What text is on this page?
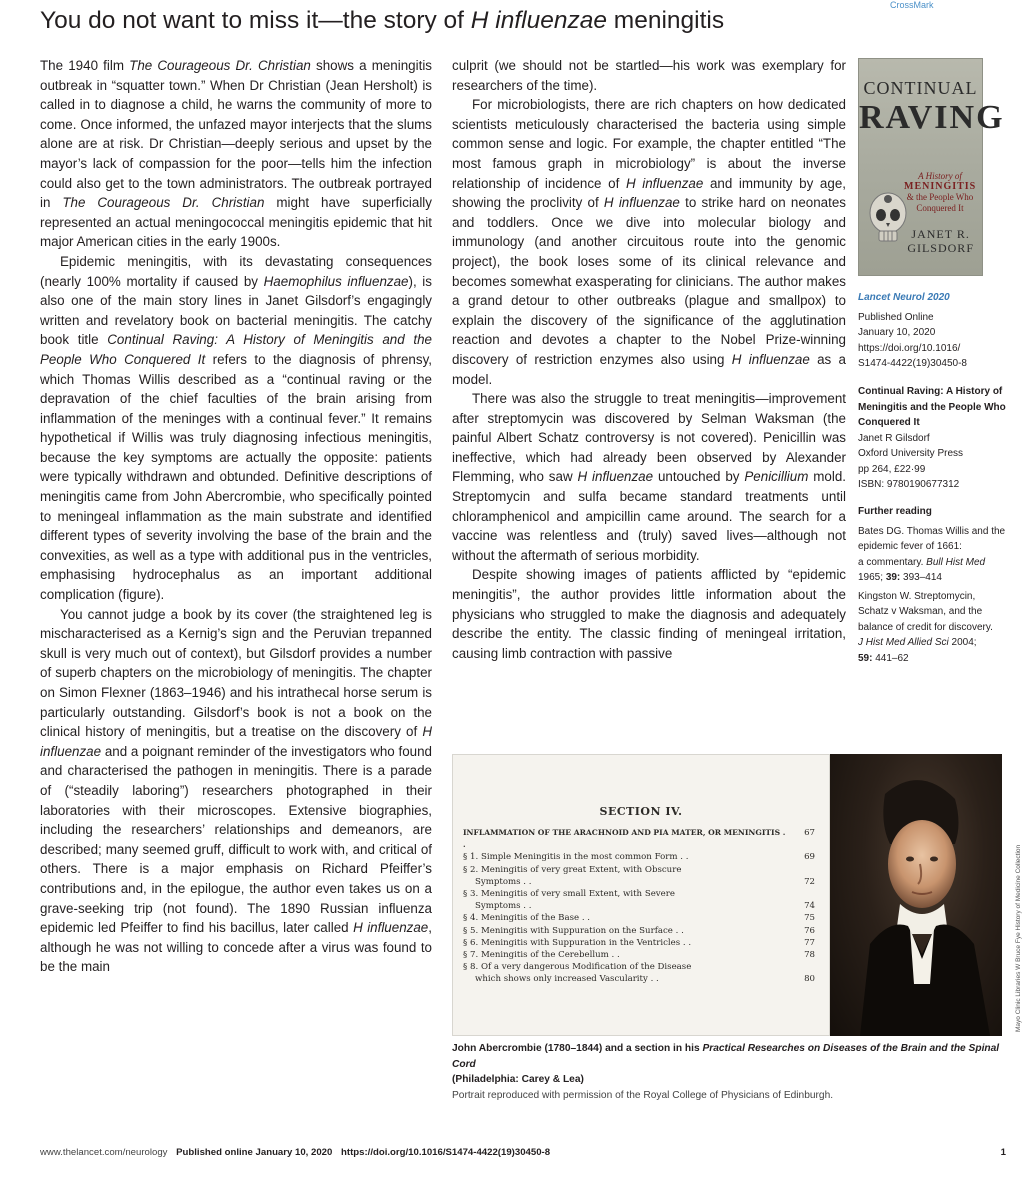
CrossMark
You do not want to miss it—the story of H influenzae meningitis

The 1940 film The Courageous Dr. Christian shows a meningitis outbreak in “squatter town.” When Dr Christian (Jean Hersholt) is called in to diagnose a child, he warns the community of more to come. Once informed, the unfazed mayor interjects that the slums alone are at risk. Dr Christian—deeply serious and upset by the mayor’s lack of compassion for the poor—tells him the infection could also get to the town administrators. The outbreak portrayed in The Courageous Dr. Christian might have superficially represented an actual meningococcal meningitis epidemic that hit major American cities in the early 1900s.

Epidemic meningitis, with its devastating consequences (nearly 100% mortality if caused by Haemophilus influenzae), is also one of the main story lines in Janet Gilsdorf’s engagingly written and revelatory book on bacterial meningitis. The catchy book title Continual Raving: A History of Meningitis and the People Who Conquered It refers to the diagnosis of phrensy, which Thomas Willis described as a “continual raving or the depravation of the chief faculties of the brain arising from inflammation of the meninges with a continual fever.” It remains hypothetical if Willis was truly diagnosing infectious meningitis, because the key symptoms are actually the opposite: patients were typically withdrawn and obtunded. Definitive descriptions of meningitis came from John Abercrombie, who specifically pointed to meningeal inflammation as the main substrate and identified different types of severity involving the base of the brain and the convexities, as well as a type with additional pus in the ventricles, emphasising hydrocephalus as an important additional complication (figure).

You cannot judge a book by its cover (the straightened leg is mischaracterised as a Kernig’s sign and the Peruvian trepanned skull is very much out of context), but Gilsdorf provides a number of superb chapters on the microbiology of meningitis. The chapter on Simon Flexner (1863–1946) and his intrathecal horse serum is particularly outstanding. Gilsdorf’s book is not a book on the clinical history of meningitis, but a treatise on the discovery of H influenzae and a poignant reminder of the investigators who found and characterised the pathogen in meningitis. There is a parade of (“steadily laboring”) researchers photographed in their laboratories with their microscopes. Extensive biographies, including the researchers’ relationships and demeanors, are described; many seemed gruff, difficult to work with, and critical of others. There is a major emphasis on Richard Pfeiffer’s contributions and, in the epilogue, the author even takes us on a grave-seeking trip (not found). The 1890 Russian influenza epidemic led Pfeiffer to find his bacillus, later called H influenzae, although he was not willing to concede after a virus was found to be the main

culprit (we should not be startled—his work was exemplary for researchers of the time).

For microbiologists, there are rich chapters on how dedicated scientists meticulously characterised the bacteria using simple common sense and logic. For example, the chapter entitled “The most famous graph in microbiology” is about the inverse relationship of incidence of H influenzae and immunity by age, showing the proclivity of H influenzae to strike hard on neonates and toddlers. Once we dive into molecular biology and immunology (and another circuitous route into the genomic project), the book loses some of its clinical relevance and becomes somewhat exasperating for clinicians. The author makes a grand detour to other outbreaks (plague and smallpox) to explain the discovery of the significance of the agglutination reaction and devotes a chapter to the Nobel Prize-winning discovery of restriction enzymes also using H influenzae as a model.

There was also the struggle to treat meningitis—improvement after streptomycin was discovered by Selman Waksman (the painful Albert Schatz controversy is not covered). Penicillin was ineffective, which had already been observed by Alexander Flemming, who saw H influenzae untouched by Penicillium mold. Streptomycin and sulfa became standard treatments until chloramphenicol and ampicillin came around. The search for a vaccine was relentless and (truly) saved lives—although not without the aftermath of serious morbidity.

Despite showing images of patients afflicted by “epidemic meningitis”, the author provides little information about the physicians who struggled to make the diagnosis and adequately describe the entity. The classic finding of meningeal irritation, causing limb contraction with passive

CONTINUAL
RAVING
A History of
MENINGITIS
& the People Who
Conquered It
JANET R.
GILSDORF
Lancet Neurol 2020
Published Online
January 10, 2020
https://doi.org/10.1016/
S1474-4422(19)30450-8
Continual Raving: A History of
Meningitis and the People Who
Conquered It
Janet R Gilsdorf
Oxford University Press
pp 264, £22·99
ISBN: 9780190677312
Further reading
Bates DG. Thomas Willis and the
epidemic fever of 1661:
a commentary. Bull Hist Med
1965; 39: 393–414
Kingston W. Streptomycin,
Schatz v Waksman, and the
balance of credit for discovery.
J Hist Med Allied Sci 2004;
59: 441–62
SECTION IV.
INFLAMMATION OF THE ARACHNOID AND PIA MATER, OR MENINGITIS . .
67
§ 1. Simple Meningitis in the most common Form . .	69
§ 2. Meningitis of very great Extent, with Obscure
Symptoms . .	72
§ 3. Meningitis of very small Extent, with Severe
Symptoms . .	74
§ 4. Meningitis of the Base . .	75
§ 5. Meningitis with Suppuration on the Surface . .	76
§ 6. Meningitis with Suppuration in the Ventricles . .	77
§ 7. Meningitis of the Cerebellum . .	78
§ 8. Of a very dangerous Modification of the Disease
which shows only increased Vascularity . .	80	Mayo Clinic Libraries W Bruce Fye History of Medicine Collection
John Abercrombie (1780–1844) and a section in his Practical Researches on Diseases of the Brain and the Spinal Cord
(Philadelphia: Carey & Lea)
Portrait reproduced with permission of the Royal College of Physicians of Edinburgh.
www.thelancet.com/neurology Published online January 10, 2020 https://doi.org/10.1016/S1474-4422(19)30450-8	1
